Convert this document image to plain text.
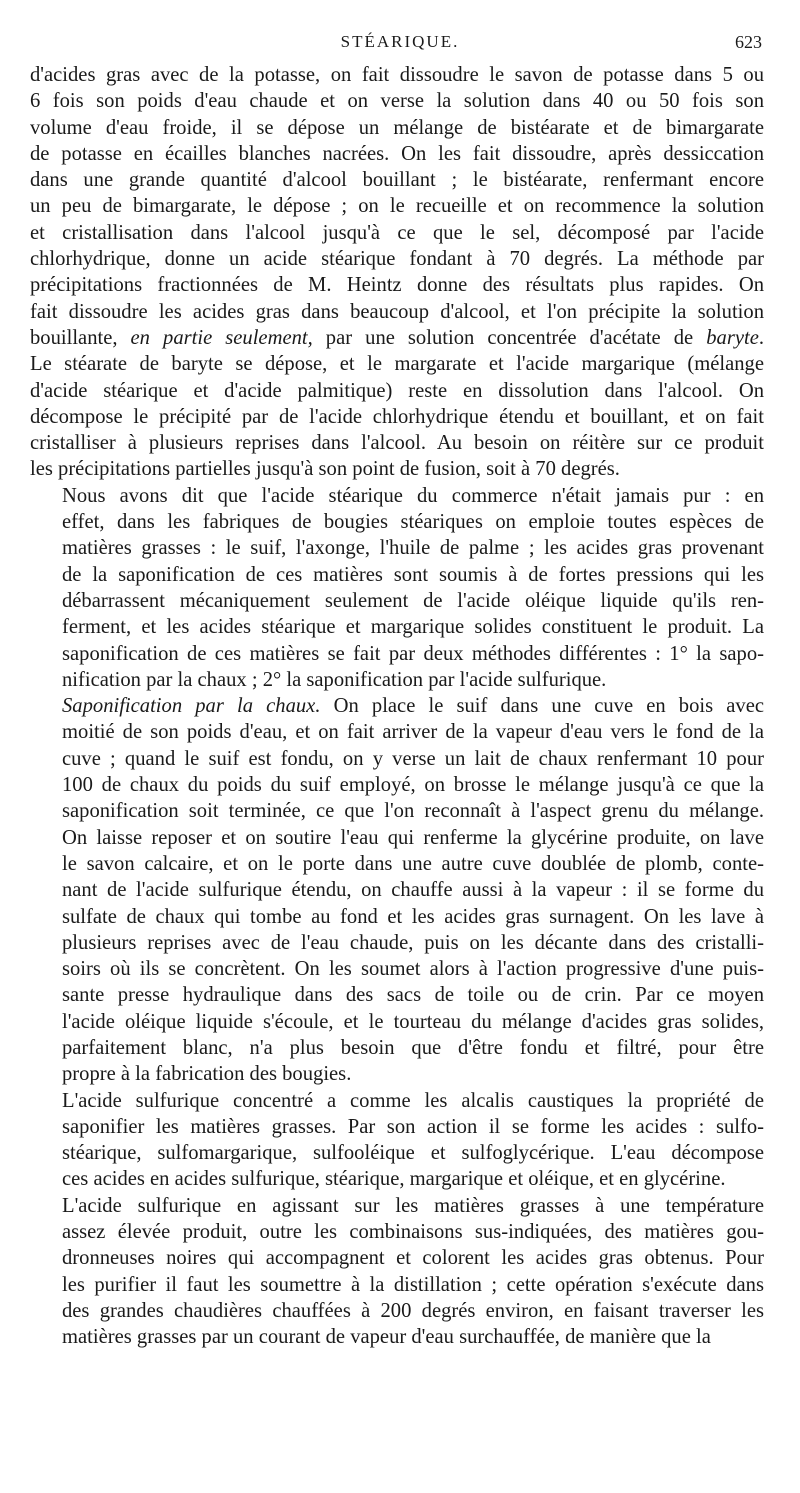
STÉARIQUE.	623
d'acides gras avec de la potasse, on fait dissoudre le savon de potasse dans 5 ou
6 fois son poids d'eau chaude et on verse la solution dans 40 ou 50 fois son
volume d'eau froide, il se dépose un mélange de bistéarate et de bimargarate
de potasse en écailles blanches nacrées. On les fait dissoudre, après dessiccation
dans une grande quantité d'alcool bouillant ; le bistéarate, renfermant encore
un peu de bimargarate, le dépose ; on le recueille et on recommence la solution
et cristallisation dans l'alcool jusqu'à ce que le sel, décomposé par l'acide
chlorhydrique, donne un acide stéarique fondant à 70 degrés. La méthode par
précipitations fractionnées de M. Heintz donne des résultats plus rapides. On
fait dissoudre les acides gras dans beaucoup d'alcool, et l'on précipite la solution
bouillante, en partie seulement, par une solution concentrée d'acétate de baryte.
Le stéarate de baryte se dépose, et le margarate et l'acide margarique (mélange
d'acide stéarique et d'acide palmitique) reste en dissolution dans l'alcool. On
décompose le précipité par de l'acide chlorhydrique étendu et bouillant, et on fait
cristalliser à plusieurs reprises dans l'alcool. Au besoin on réitère sur ce produit
les précipitations partielles jusqu'à son point de fusion, soit à 70 degrés.
Nous avons dit que l'acide stéarique du commerce n'était jamais pur : en
effet, dans les fabriques de bougies stéariques on emploie toutes espèces de
matières grasses : le suif, l'axonge, l'huile de palme ; les acides gras provenant
de la saponification de ces matières sont soumis à de fortes pressions qui les
débarrassent mécaniquement seulement de l'acide oléique liquide qu'ils ren-
ferment, et les acides stéarique et margarique solides constituent le produit. La
saponification de ces matières se fait par deux méthodes différentes : 1° la sapo-
nification par la chaux ; 2° la saponification par l'acide sulfurique.
Saponification par la chaux. On place le suif dans une cuve en bois avec
moitié de son poids d'eau, et on fait arriver de la vapeur d'eau vers le fond de la
cuve ; quand le suif est fondu, on y verse un lait de chaux renfermant 10 pour
100 de chaux du poids du suif employé, on brosse le mélange jusqu'à ce que la
saponification soit terminée, ce que l'on reconnaît à l'aspect grenu du mélange.
On laisse reposer et on soutire l'eau qui renferme la glycérine produite, on lave
le savon calcaire, et on le porte dans une autre cuve doublée de plomb, conte-
nant de l'acide sulfurique étendu, on chauffe aussi à la vapeur : il se forme du
sulfate de chaux qui tombe au fond et les acides gras surnagent. On les lave à
plusieurs reprises avec de l'eau chaude, puis on les décante dans des cristalli-
soirs où ils se concrètent. On les soumet alors à l'action progressive d'une puis-
sante presse hydraulique dans des sacs de toile ou de crin. Par ce moyen
l'acide oléique liquide s'écoule, et le tourteau du mélange d'acides gras solides,
parfaitement blanc, n'a plus besoin que d'être fondu et filtré, pour être
propre à la fabrication des bougies.
L'acide sulfurique concentré a comme les alcalis caustiques la propriété de
saponifier les matières grasses. Par son action il se forme les acides : sulfo-
stéarique, sulfomargarique, sulfooléique et sulfoglycérique. L'eau décompose
ces acides en acides sulfurique, stéarique, margarique et oléique, et en glycérine.
L'acide sulfurique en agissant sur les matières grasses à une température
assez élevée produit, outre les combinaisons sus-indiquées, des matières gou-
dronneuses noires qui accompagnent et colorent les acides gras obtenus. Pour
les purifier il faut les soumettre à la distillation ; cette opération s'exécute dans
des grandes chaudières chauffées à 200 degrés environ, en faisant traverser les
matières grasses par un courant de vapeur d'eau surchauffée, de manière que la
